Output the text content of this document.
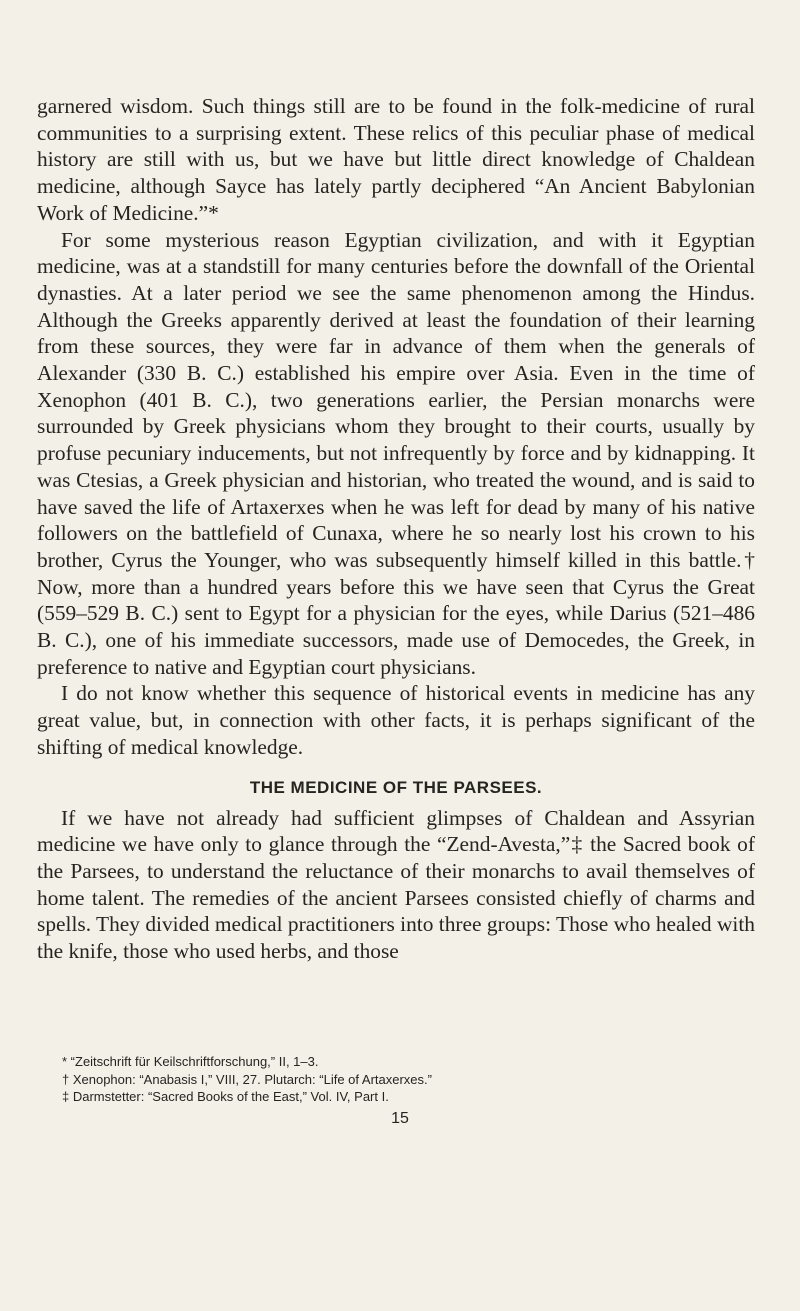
garnered wisdom. Such things still are to be found in the folk-medicine of rural communities to a surprising extent. These relics of this peculiar phase of medical history are still with us, but we have but little direct knowledge of Chaldean medicine, although Sayce has lately partly deciphered “An Ancient Babylonian Work of Medicine.”*

For some mysterious reason Egyptian civilization, and with it Egyptian medicine, was at a standstill for many centuries before the downfall of the Oriental dynasties. At a later period we see the same phenomenon among the Hindus. Although the Greeks apparently derived at least the foundation of their learning from these sources, they were far in advance of them when the generals of Alexander (330 B. C.) established his empire over Asia. Even in the time of Xenophon (401 B. C.), two generations earlier, the Persian monarchs were surrounded by Greek physicians whom they brought to their courts, usually by profuse pecuniary inducements, but not infrequently by force and by kidnapping. It was Ctesias, a Greek physician and historian, who treated the wound, and is said to have saved the life of Artaxerxes when he was left for dead by many of his native followers on the battlefield of Cunaxa, where he so nearly lost his crown to his brother, Cyrus the Younger, who was subsequently himself killed in this battle.† Now, more than a hundred years before this we have seen that Cyrus the Great (559–529 B. C.) sent to Egypt for a physician for the eyes, while Darius (521–486 B. C.), one of his immediate successors, made use of Democedes, the Greek, in preference to native and Egyptian court physicians.

I do not know whether this sequence of historical events in medicine has any great value, but, in connection with other facts, it is perhaps significant of the shifting of medical knowledge.

THE MEDICINE OF THE PARSEES.

If we have not already had sufficient glimpses of Chaldean and Assyrian medicine we have only to glance through the “Zend-Avesta,”‡ the Sacred book of the Parsees, to understand the reluctance of their monarchs to avail themselves of home talent. The remedies of the ancient Parsees consisted chiefly of charms and spells. They divided medical practitioners into three groups: Those who healed with the knife, those who used herbs, and those

* “Zeitschrift für Keilschriftforschung,” II, 1–3.

† Xenophon: “Anabasis I,” VIII, 27. Plutarch: “Life of Artaxerxes.”

‡ Darmstetter: “Sacred Books of the East,” Vol. IV, Part I.

15
